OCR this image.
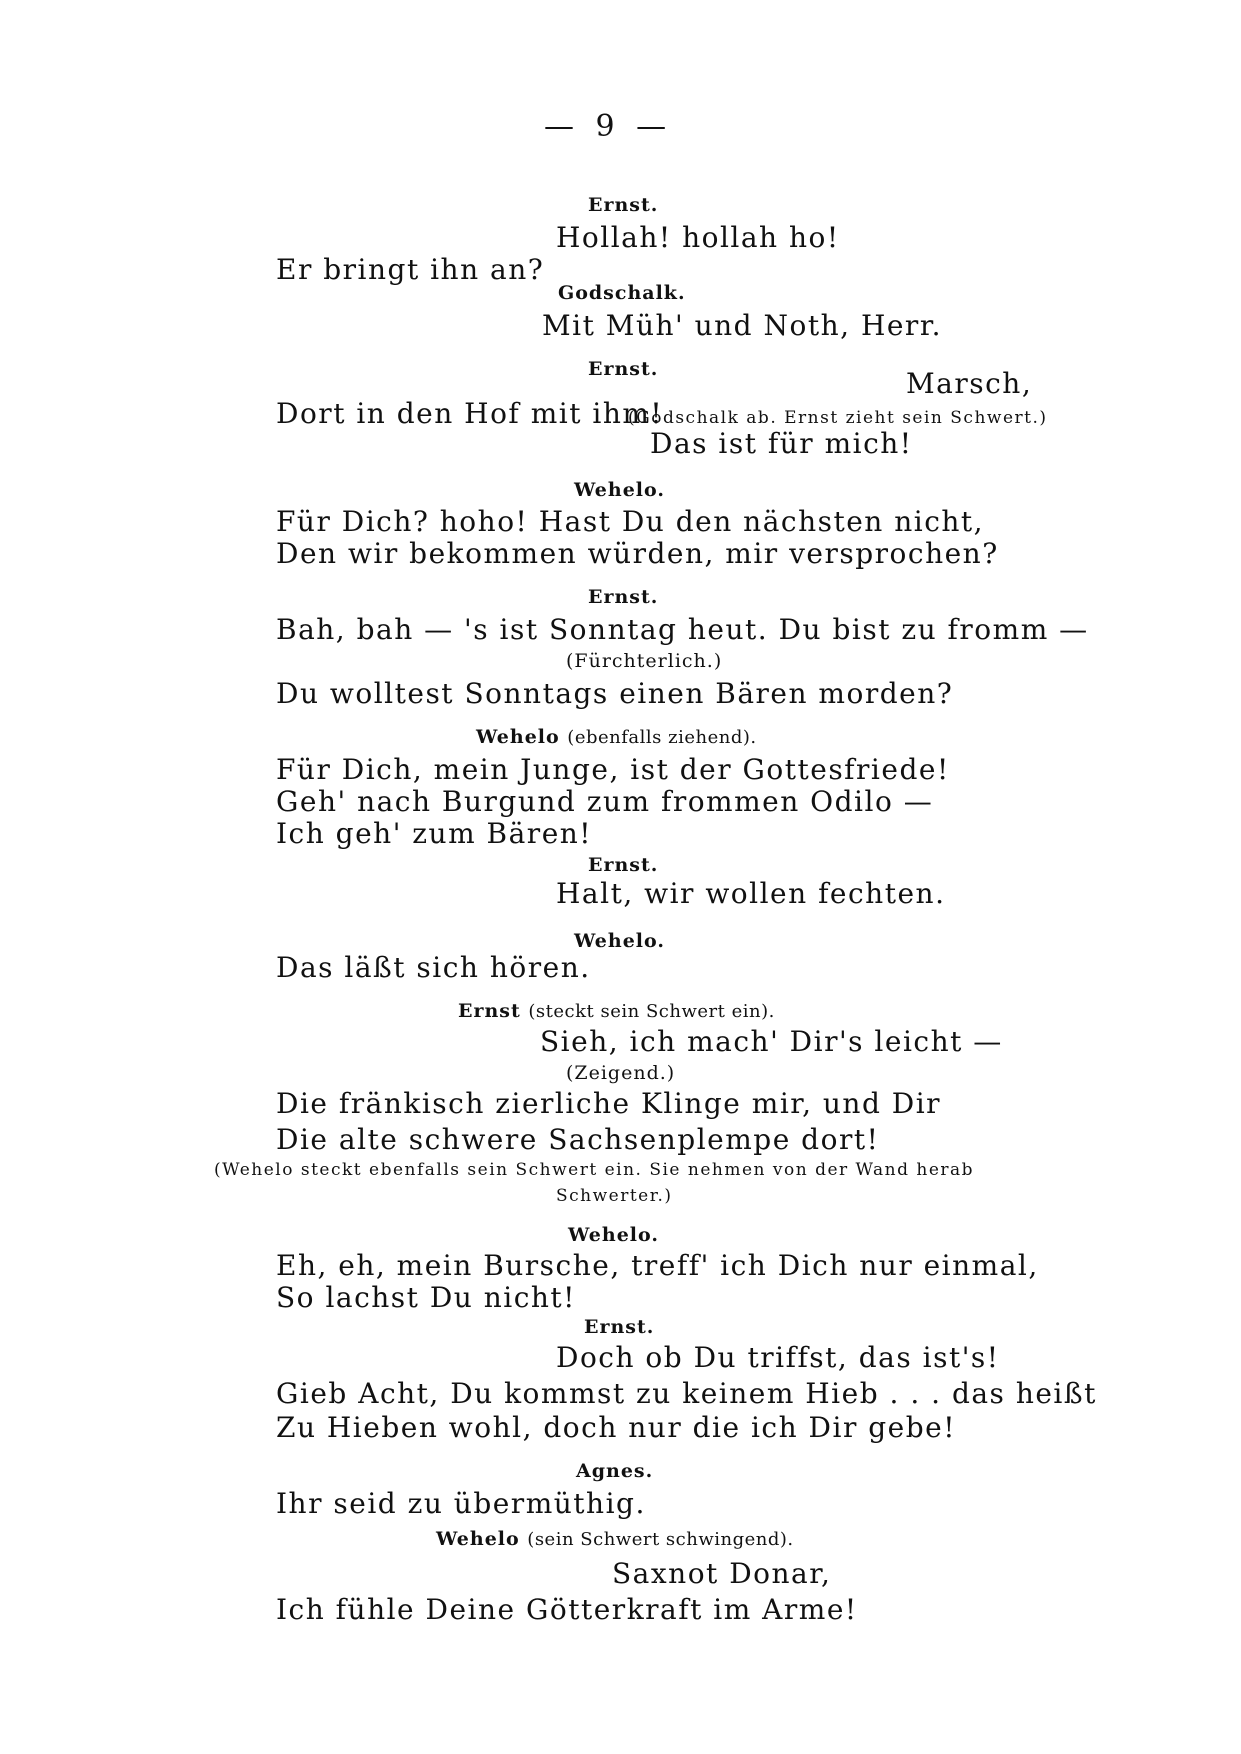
— 9 —
Ernst.
Hollah! hollah ho!
Er bringt ihn an?
Godschalk.
Mit Müh' und Noth, Herr.
Ernst.	Marsch,
Dort in den Hof mit ihm!
(Godschalk ab. Ernst zieht sein Schwert.)
Das ist für mich!
Wehelo.
Für Dich? hoho! Hast Du den nächsten nicht,
Den wir bekommen würden, mir versprochen?
Ernst.
Bah, bah — 's ist Sonntag heut. Du bist zu fromm —
(Fürchterlich.)
Du wolltest Sonntags einen Bären morden?
Wehelo (ebenfalls ziehend).
Für Dich, mein Junge, ist der Gottesfriede!
Geh' nach Burgund zum frommen Odilo —
Ich geh' zum Bären!
Ernst.
Halt, wir wollen fechten.
Wehelo.
Das läßt sich hören.
Ernst (steckt sein Schwert ein).
Sieh, ich mach' Dir's leicht —
(Zeigend.)
Die fränkisch zierliche Klinge mir, und Dir
Die alte schwere Sachsenplempe dort!
(Wehelo steckt ebenfalls sein Schwert ein. Sie nehmen von der Wand herab
Schwerter.)
Wehelo.
Eh, eh, mein Bursche, treff' ich Dich nur einmal,
So lachst Du nicht!
Ernst.
Doch ob Du triffst, das ist's!
Gieb Acht, Du kommst zu keinem Hieb . . . das heißt
Zu Hieben wohl, doch nur die ich Dir gebe!
Agnes.
Ihr seid zu übermüthig.
Wehelo (sein Schwert schwingend).
Saxnot Donar,
Ich fühle Deine Götterkraft im Arme!
